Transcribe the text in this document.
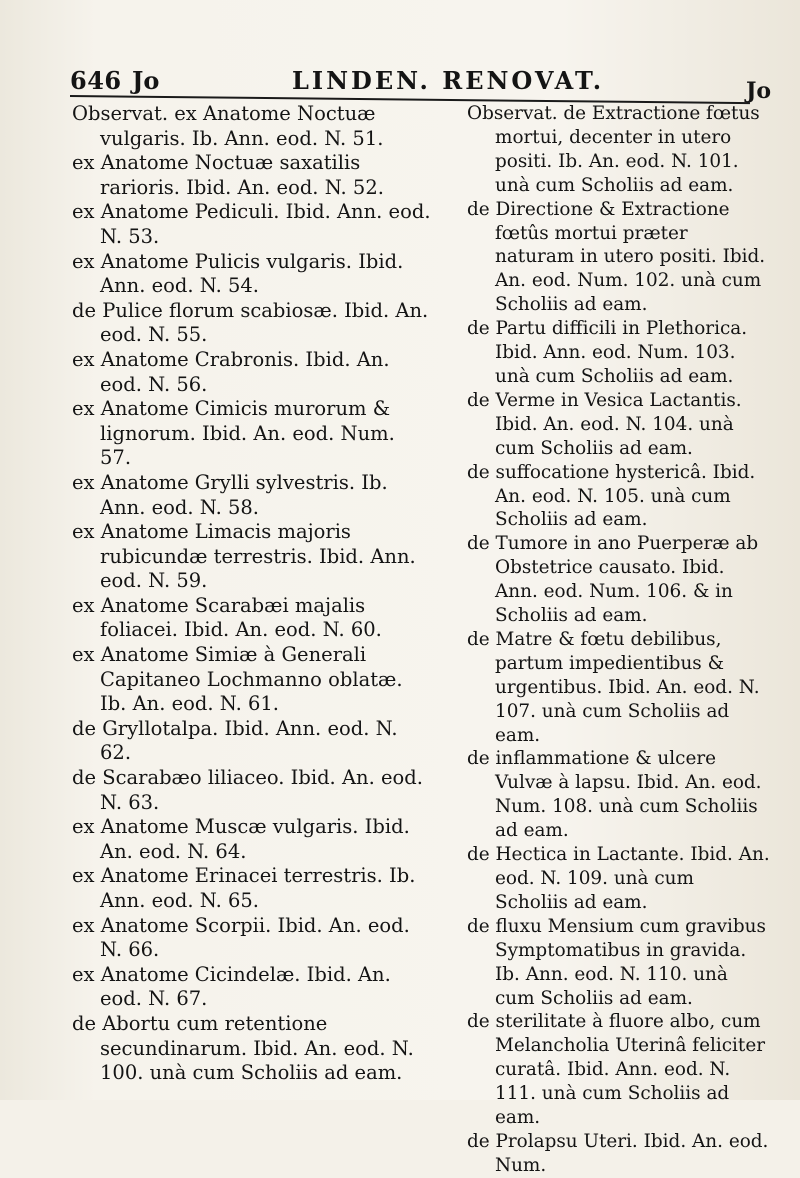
646 Jo	LINDEN. RENOVAT.	Jo

Observat. ex Anatome Noctuæ vulgaris. Ib. Ann. eod. N. 51.

ex Anatome Noctuæ saxatilis rarioris. Ibid. An. eod. N. 52.

ex Anatome Pediculi. Ibid. Ann. eod. N. 53.

ex Anatome Pulicis vulgaris. Ibid. Ann. eod. N. 54.

de Pulice florum scabiosæ. Ibid. An. eod. N. 55.

ex Anatome Crabronis. Ibid. An. eod. N. 56.

ex Anatome Cimicis murorum & lignorum. Ibid. An. eod. Num. 57.

ex Anatome Grylli sylvestris. Ib. Ann. eod. N. 58.

ex Anatome Limacis majoris rubicundæ terrestris. Ibid. Ann. eod. N. 59.

ex Anatome Scarabæi majalis foliacei. Ibid. An. eod. N. 60.

ex Anatome Simiæ à Generali Capitaneo Lochmanno oblatæ. Ib. An. eod. N. 61.

de Gryllotalpa. Ibid. Ann. eod. N. 62.

de Scarabæo liliaceo. Ibid. An. eod. N. 63.

ex Anatome Muscæ vulgaris. Ibid. An. eod. N. 64.

ex Anatome Erinacei terrestris. Ib. Ann. eod. N. 65.

ex Anatome Scorpii. Ibid. An. eod. N. 66.

ex Anatome Cicindelæ. Ibid. An. eod. N. 67.

de Abortu cum retentione secundinarum. Ibid. An. eod. N. 100. unà cum Scholiis ad eam.

Observat. de Extractione fœtus mortui, decenter in utero positi. Ib. An. eod. N. 101. unà cum Scholiis ad eam.

de Directione & Extractione fœtûs mortui præter naturam in utero positi. Ibid. An. eod. Num. 102. unà cum Scholiis ad eam.

de Partu difficili in Plethorica. Ibid. Ann. eod. Num. 103. unà cum Scholiis ad eam.

de Verme in Vesica Lactantis. Ibid. An. eod. N. 104. unà cum Scholiis ad eam.

de suffocatione hystericâ. Ibid. An. eod. N. 105. unà cum Scholiis ad eam.

de Tumore in ano Puerperæ ab Obstetrice causato. Ibid. Ann. eod. Num. 106. & in Scholiis ad eam.

de Matre & fœtu debilibus, partum impedientibus & urgentibus. Ibid. An. eod. N. 107. unà cum Scholiis ad eam.

de inflammatione & ulcere Vulvæ à lapsu. Ibid. An. eod. Num. 108. unà cum Scholiis ad eam.

de Hectica in Lactante. Ibid. An. eod. N. 109. unà cum Scholiis ad eam.

de fluxu Mensium cum gravibus Symptomatibus in gravida. Ib. Ann. eod. N. 110. unà cum Scholiis ad eam.

de sterilitate à fluore albo, cum Melancholia Uterinâ feliciter curatâ. Ibid. Ann. eod. N. 111. unà cum Scholiis ad eam.

de Prolapsu Uteri. Ibid. An. eod. Num.
